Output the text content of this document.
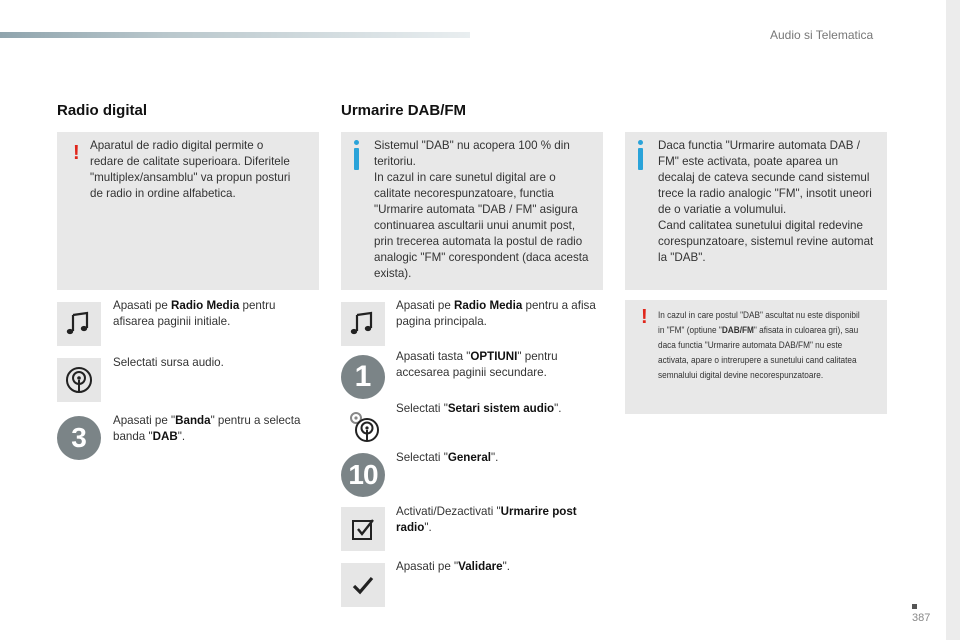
Audio si Telematica
Radio digital	Urmarire DAB/FM
! Aparatul de radio digital permite o redare de calitate superioara. Diferitele "multiplex/ansamblu" va propun posturi de radio in ordine alfabetica.

Sistemul "DAB" nu acopera 100 % din teritoriu.
In cazul in care sunetul digital are o calitate necorespunzatoare, functia "Urmarire automata "DAB / FM" asigura continuarea ascultarii unui anumit post, prin trecerea automata la postul de radio analogic "FM" corespondent (daca acesta exista).

Daca functia "Urmarire automata DAB / FM" este activata, poate aparea un decalaj de cateva secunde cand sistemul trece la radio analogic "FM", insotit uneori de o variatie a volumului.
Cand calitatea sunetului digital redevine corespunzatoare, sistemul revine automat la "DAB".

! In cazul in care postul "DAB" ascultat nu este disponibil in "FM" (optiune "DAB/FM" afisata in culoarea gri), sau daca functia "Urmarire automata DAB/FM" nu este activata, apare o intrerupere a sunetului cand calitatea semnalului digital devine necorespunzatoare.

Apasati pe Radio Media pentru afisarea paginii initiale.
Selectati sursa audio.
3
Apasati pe "Banda" pentru a selecta banda "DAB".
Apasati pe Radio Media pentru a afisa pagina principala.
1
Apasati tasta "OPTIUNI" pentru accesarea paginii secundare.
Selectati "Setari sistem audio".
10
Selectati "General".
Activati/Dezactivati "Urmarire post radio".
Apasati pe "Validare".
387
